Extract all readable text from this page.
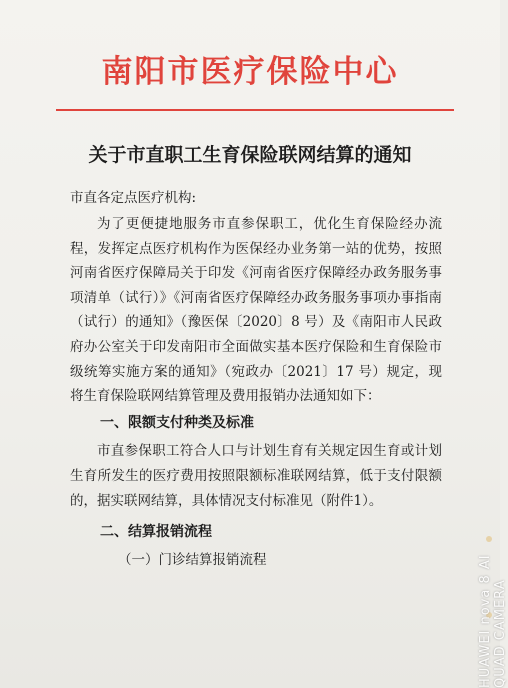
南阳市医疗保险中心
关于市直职工生育保险联网结算的通知

市直各定点医疗机构:

为了更便捷地服务市直参保职工，优化生育保险经办流程，发挥定点医疗机构作为医保经办业务第一站的优势，按照河南省医疗保障局关于印发《河南省医疗保障经办政务服务事项清单（试行）》《河南省医疗保障经办政务服务事项办事指南（试行）的通知》（豫医保〔2020〕8 号）及《南阳市人民政府办公室关于印发南阳市全面做实基本医疗保险和生育保险市级统筹实施方案的通知》（宛政办〔2021〕17 号）规定，现将生育保险联网结算管理及费用报销办法通知如下：

一、限额支付种类及标准

市直参保职工符合人口与计划生育有关规定因生育或计划生育所发生的医疗费用按照限额标准联网结算，低于支付限额的，据实联网结算，具体情况支付标准见（附件1）。

二、结算报销流程

（一）门诊结算报销流程	HUAWEI nova 8 AI QUAD CAMERA
